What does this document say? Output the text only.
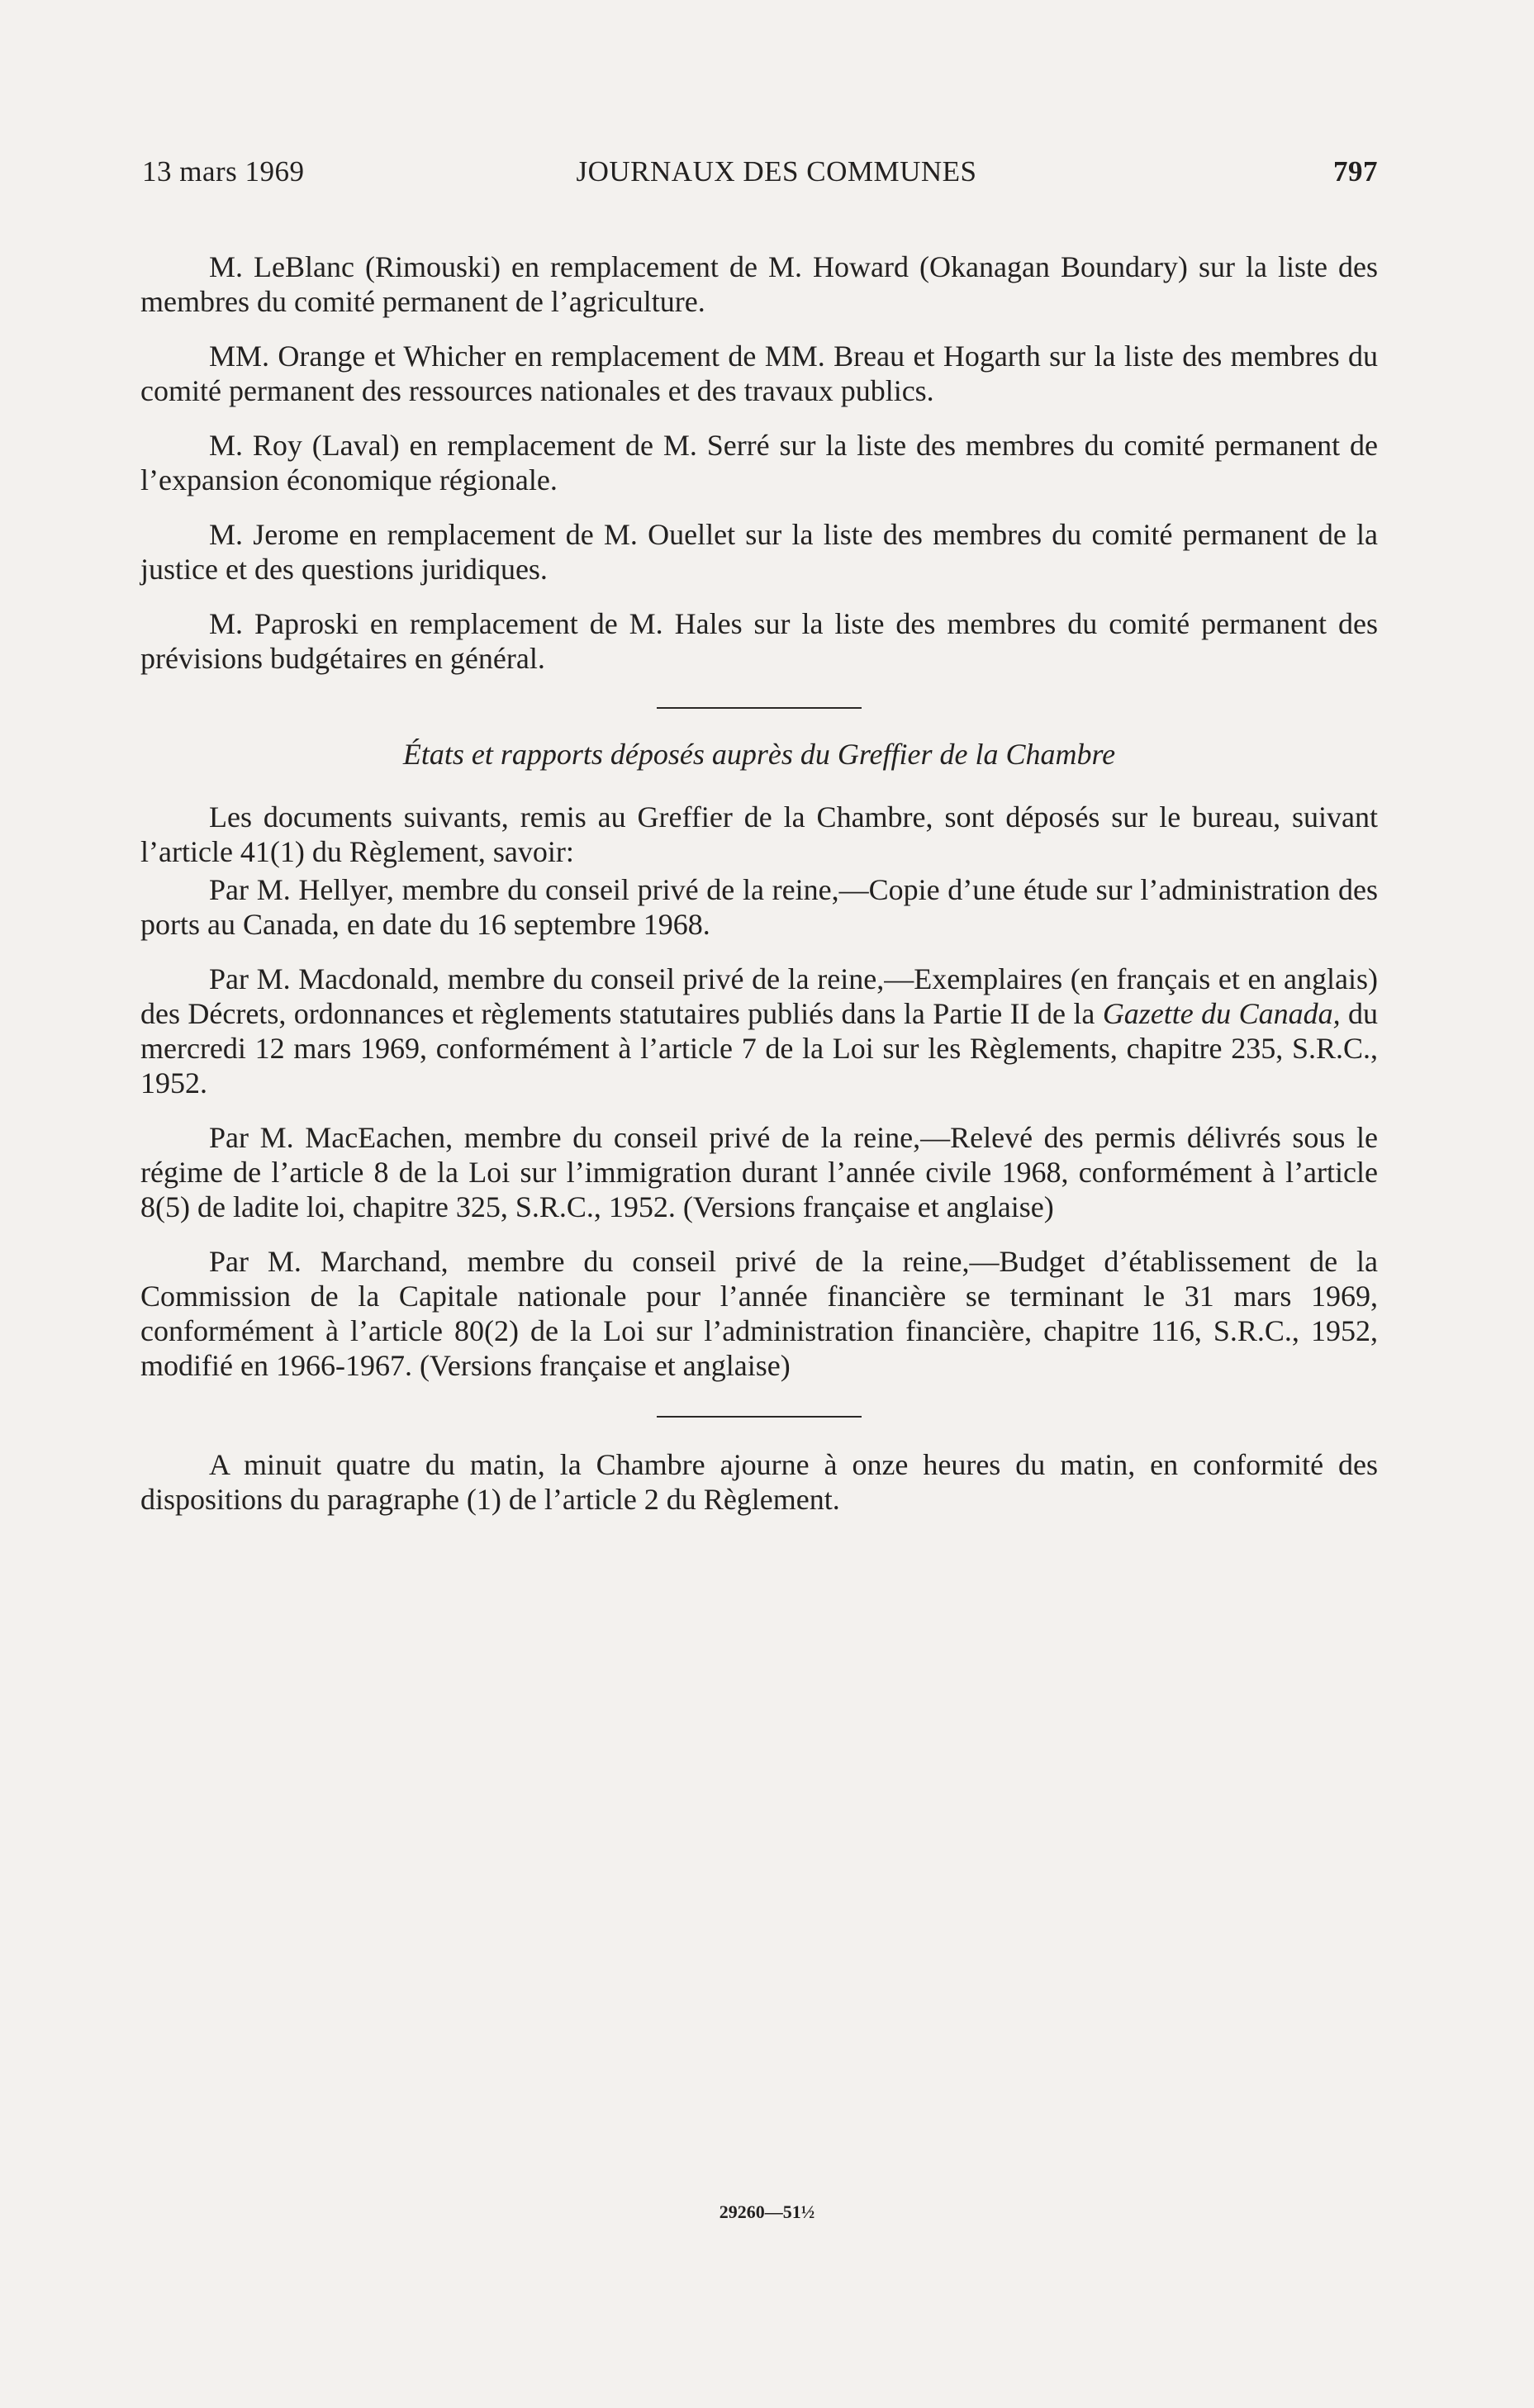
13 mars 1969	JOURNAUX DES COMMUNES	797

M. LeBlanc (Rimouski) en remplacement de M. Howard (Okanagan Boundary) sur la liste des membres du comité permanent de l’agriculture.

MM. Orange et Whicher en remplacement de MM. Breau et Hogarth sur la liste des membres du comité permanent des ressources nationales et des travaux publics.

M. Roy (Laval) en remplacement de M. Serré sur la liste des membres du comité permanent de l’expansion économique régionale.

M. Jerome en remplacement de M. Ouellet sur la liste des membres du comité permanent de la justice et des questions juridiques.

M. Paproski en remplacement de M. Hales sur la liste des membres du comité permanent des prévisions budgétaires en général.

États et rapports déposés auprès du Greffier de la Chambre

Les documents suivants, remis au Greffier de la Chambre, sont déposés sur le bureau, suivant l’article 41(1) du Règlement, savoir:

Par M. Hellyer, membre du conseil privé de la reine,—Copie d’une étude sur l’administration des ports au Canada, en date du 16 septembre 1968.

Par M. Macdonald, membre du conseil privé de la reine,—Exemplaires (en français et en anglais) des Décrets, ordonnances et règlements statutaires publiés dans la Partie II de la Gazette du Canada, du mercredi 12 mars 1969, conformément à l’article 7 de la Loi sur les Règlements, chapitre 235, S.R.C., 1952.

Par M. MacEachen, membre du conseil privé de la reine,—Relevé des permis délivrés sous le régime de l’article 8 de la Loi sur l’immigration durant l’année civile 1968, conformément à l’article 8(5) de ladite loi, chapitre 325, S.R.C., 1952. (Versions française et anglaise)

Par M. Marchand, membre du conseil privé de la reine,—Budget d’établissement de la Commission de la Capitale nationale pour l’année financière se terminant le 31 mars 1969, conformément à l’article 80(2) de la Loi sur l’administration financière, chapitre 116, S.R.C., 1952, modifié en 1966-1967. (Versions française et anglaise)

A minuit quatre du matin, la Chambre ajourne à onze heures du matin, en conformité des dispositions du paragraphe (1) de l’article 2 du Règlement.

29260—51½
